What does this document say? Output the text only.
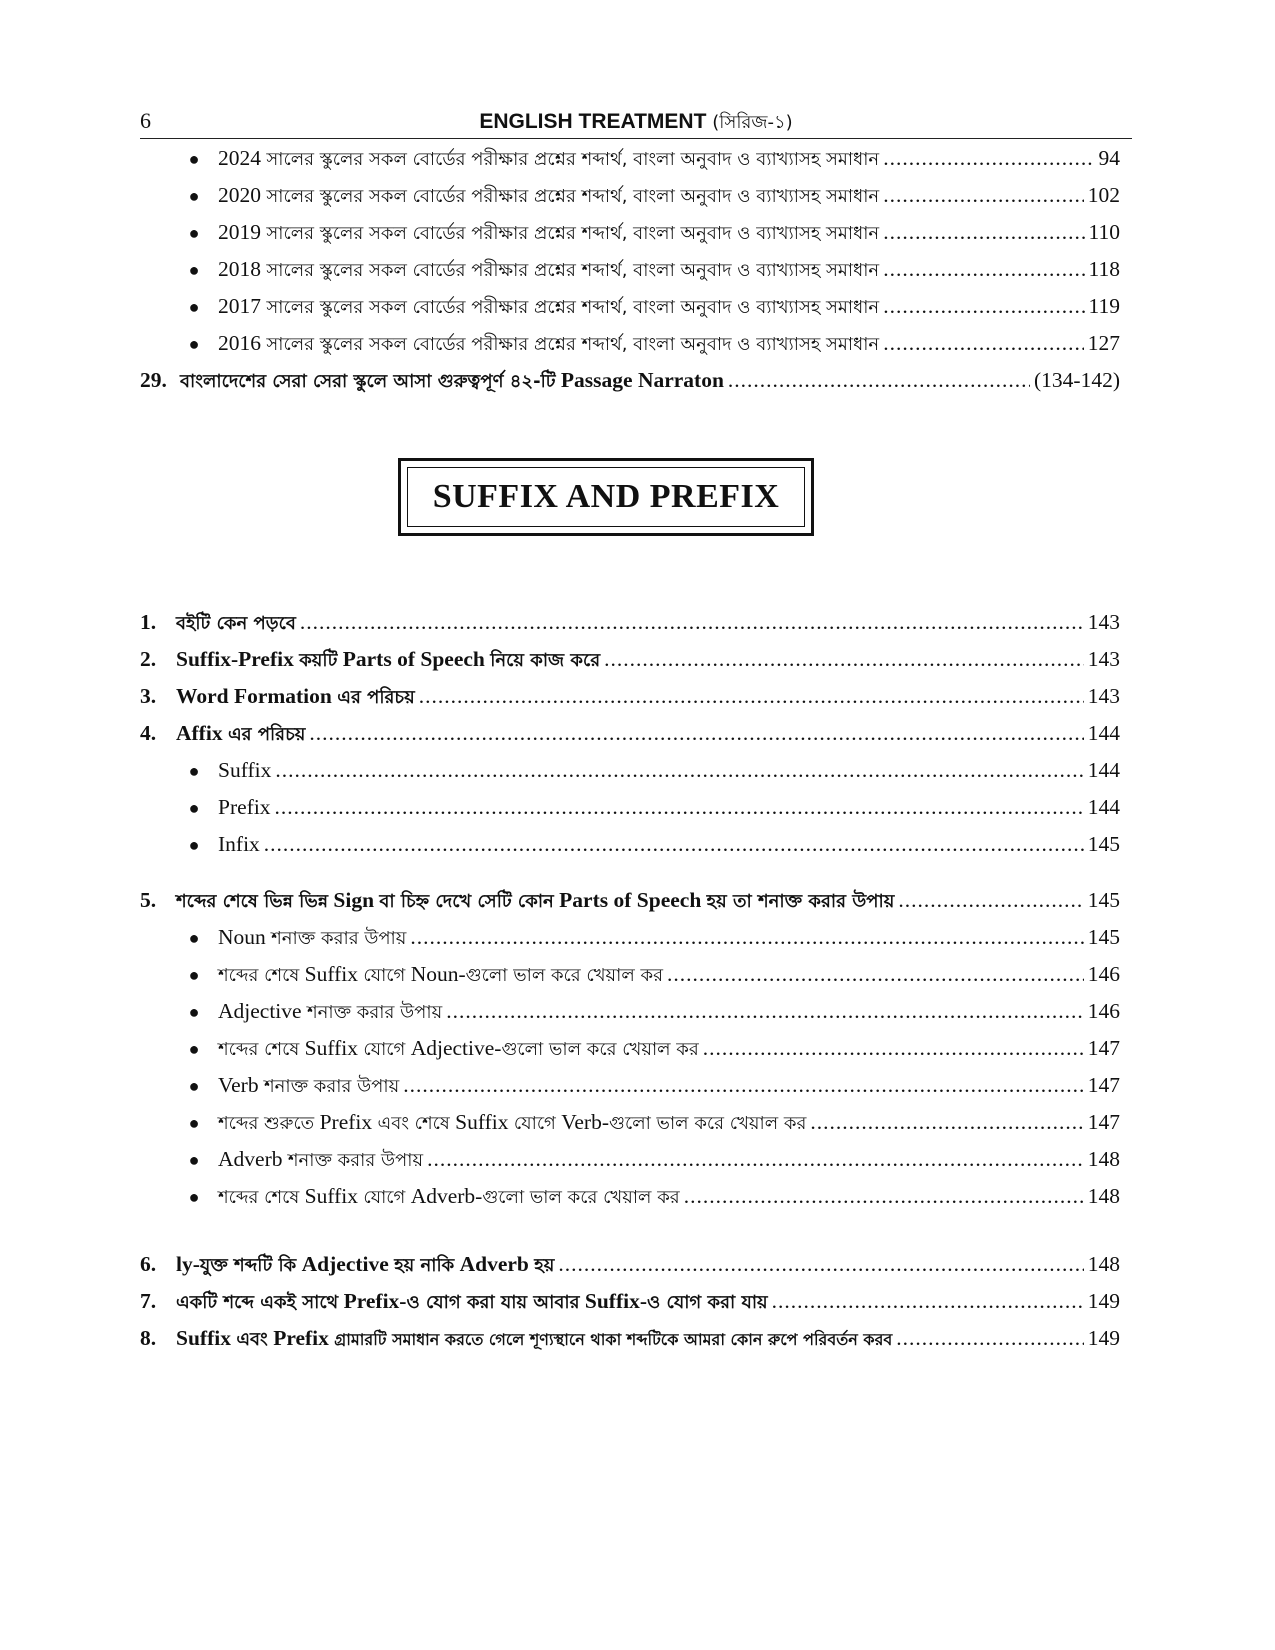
6	ENGLISH TREATMENT (সিরিজ-১)
● 2024 সালের স্কুলের সকল বোর্ডের পরীক্ষার প্রশ্নের শব্দার্থ, বাংলা অনুবাদ ও ব্যাখ্যাসহ সমাধান .....	94
● 2020 সালের স্কুলের সকল বোর্ডের পরীক্ষার প্রশ্নের শব্দার্থ, বাংলা অনুবাদ ও ব্যাখ্যাসহ সমাধান .....	102
● 2019 সালের স্কুলের সকল বোর্ডের পরীক্ষার প্রশ্নের শব্দার্থ, বাংলা অনুবাদ ও ব্যাখ্যাসহ সমাধান .....	110
● 2018 সালের স্কুলের সকল বোর্ডের পরীক্ষার প্রশ্নের শব্দার্থ, বাংলা অনুবাদ ও ব্যাখ্যাসহ সমাধান .....	118
● 2017 সালের স্কুলের সকল বোর্ডের পরীক্ষার প্রশ্নের শব্দার্থ, বাংলা অনুবাদ ও ব্যাখ্যাসহ সমাধান .....	119
● 2016 সালের স্কুলের সকল বোর্ডের পরীক্ষার প্রশ্নের শব্দার্থ, বাংলা অনুবাদ ও ব্যাখ্যাসহ সমাধান .....	127
29. বাংলাদেশের সেরা সেরা স্কুলে আসা গুরুত্বপূর্ণ ৪২-টি Passage Narraton .....	(134-142)
SUFFIX AND PREFIX
1.	বইটি কেন পড়বে .....	143
2. Suffix-Prefix কয়টি Parts of Speech নিয়ে কাজ করে .....	143
3. Word Formation এর পরিচয় .....	143
4. Affix এর পরিচয় .....	144
● Suffix .....	144
● Prefix .....	144
● Infix .....	145
5.	শব্দের শেষে ভিন্ন ভিন্ন Sign বা চিহ্ন দেখে সেটি কোন Parts of Speech হয় তা শনাক্ত করার উপায় .....	145
● Noun শনাক্ত করার উপায় .....	145
●	শব্দের শেষে Suffix যোগে Noun-গুলো ভাল করে খেয়াল কর .....	146
● Adjective শনাক্ত করার উপায় .....	146
●	শব্দের শেষে Suffix যোগে Adjective-গুলো ভাল করে খেয়াল কর .....	147
● Verb শনাক্ত করার উপায় .....	147
●	শব্দের শুরুতে Prefix এবং শেষে Suffix যোগে Verb-গুলো ভাল করে খেয়াল কর .....	147
● Adverb শনাক্ত করার উপায় .....	148
●	শব্দের শেষে Suffix যোগে Adverb-গুলো ভাল করে খেয়াল কর .....	148
6. ly-যুক্ত শব্দটি কি Adjective হয় নাকি Adverb হয় .....	148
7.	একটি শব্দে একই সাথে Prefix-ও যোগ করা যায় আবার Suffix-ও যোগ করা যায় .....	149
8. Suffix এবং Prefix গ্রামারটি সমাধান করতে গেলে শূণ্যস্থানে থাকা শব্দটিকে আমরা কোন রুপে পরিবর্তন করব .....	149
